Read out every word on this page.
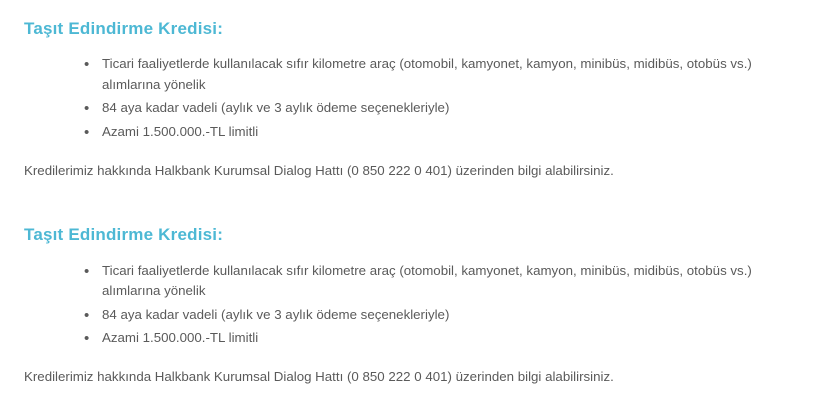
Taşıt Edindirme Kredisi:
• Ticari faaliyetlerde kullanılacak sıfır kilometre araç (otomobil, kamyonet, kamyon, minibüs, midibüs, otobüs vs.) alımlarına yönelik
• 84 aya kadar vadeli (aylık ve 3 aylık ödeme seçenekleriyle)
• Azami 1.500.000.-TL limitli

Kredilerimiz hakkında Halkbank Kurumsal Dialog Hattı (0 850 222 0 401) üzerinden bilgi alabilirsiniz.

Taşıt Edindirme Kredisi:
• Ticari faaliyetlerde kullanılacak sıfır kilometre araç (otomobil, kamyonet, kamyon, minibüs, midibüs, otobüs vs.) alımlarına yönelik
• 84 aya kadar vadeli (aylık ve 3 aylık ödeme seçenekleriyle)
• Azami 1.500.000.-TL limitli

Kredilerimiz hakkında Halkbank Kurumsal Dialog Hattı (0 850 222 0 401) üzerinden bilgi alabilirsiniz.
